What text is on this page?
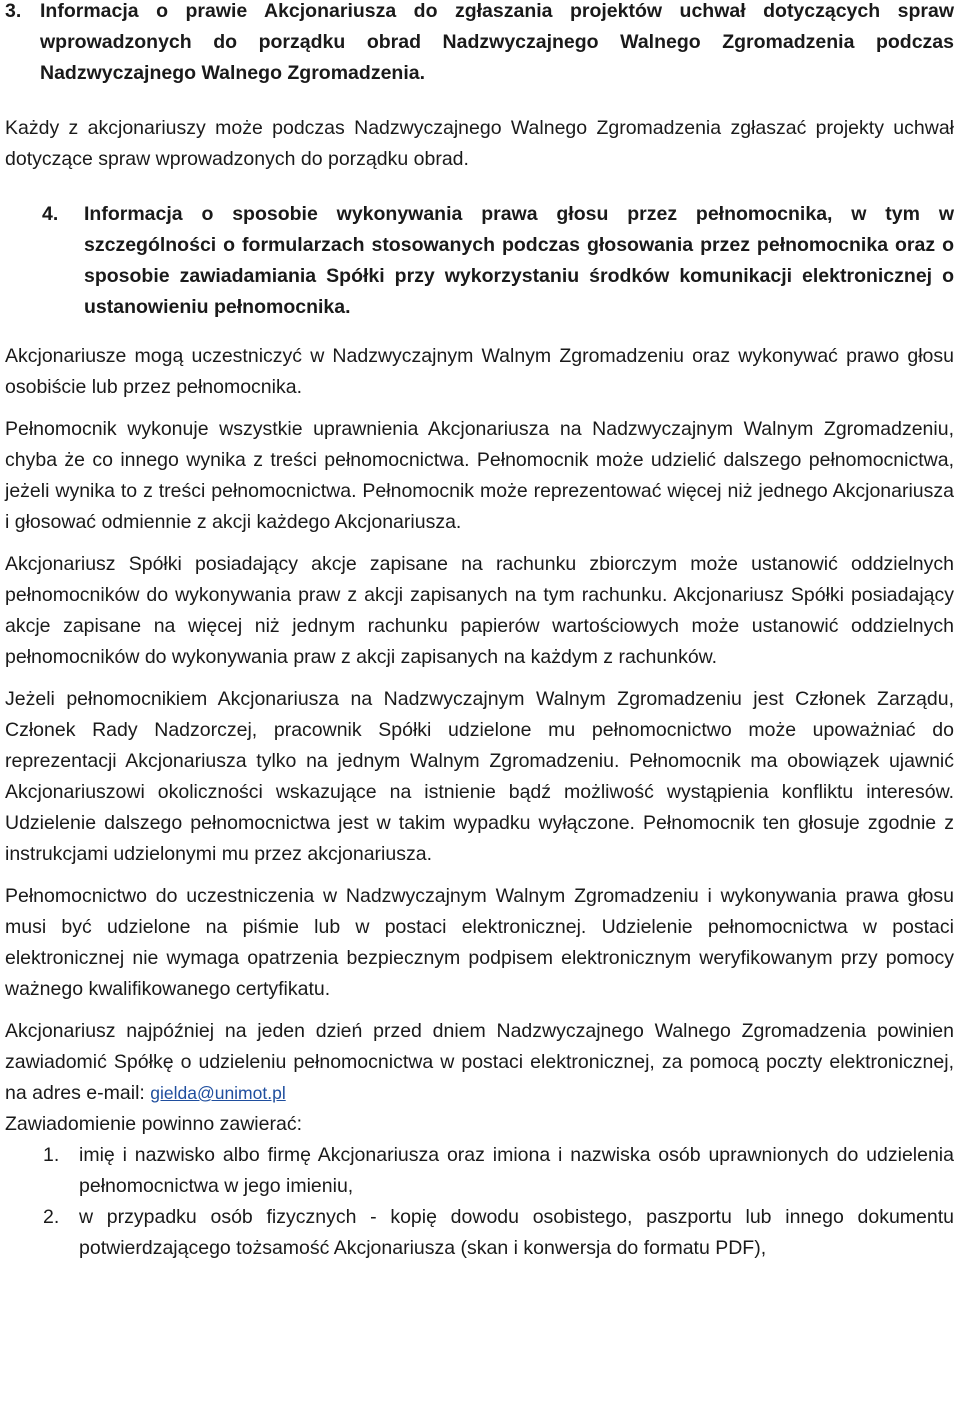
3. Informacja o prawie Akcjonariusza do zgłaszania projektów uchwał dotyczących spraw wprowadzonych do porządku obrad Nadzwyczajnego Walnego Zgromadzenia podczas Nadzwyczajnego Walnego Zgromadzenia.

Każdy z akcjonariuszy może podczas Nadzwyczajnego Walnego Zgromadzenia zgłaszać projekty uchwał dotyczące spraw wprowadzonych do porządku obrad.

4.	Informacja o sposobie wykonywania prawa głosu przez pełnomocnika, w tym w szczególności o formularzach stosowanych podczas głosowania przez pełnomocnika oraz o sposobie zawiadamiania Spółki przy wykorzystaniu środków komunikacji elektronicznej o ustanowieniu pełnomocnika.

Akcjonariusze mogą uczestniczyć w Nadzwyczajnym Walnym Zgromadzeniu oraz wykonywać prawo głosu osobiście lub przez pełnomocnika.

Pełnomocnik wykonuje wszystkie uprawnienia Akcjonariusza na Nadzwyczajnym Walnym Zgromadzeniu, chyba że co innego wynika z treści pełnomocnictwa. Pełnomocnik może udzielić dalszego pełnomocnictwa, jeżeli wynika to z treści pełnomocnictwa. Pełnomocnik może reprezentować więcej niż jednego Akcjonariusza i głosować odmiennie z akcji każdego Akcjonariusza.

Akcjonariusz Spółki posiadający akcje zapisane na rachunku zbiorczym może ustanowić oddzielnych pełnomocników do wykonywania praw z akcji zapisanych na tym rachunku. Akcjonariusz Spółki posiadający akcje zapisane na więcej niż jednym rachunku papierów wartościowych może ustanowić oddzielnych pełnomocników do wykonywania praw z akcji zapisanych na każdym z rachunków.

Jeżeli pełnomocnikiem Akcjonariusza na Nadzwyczajnym Walnym Zgromadzeniu jest Członek Zarządu, Członek Rady Nadzorczej, pracownik Spółki udzielone mu pełnomocnictwo może upoważniać do reprezentacji Akcjonariusza tylko na jednym Walnym Zgromadzeniu. Pełnomocnik ma obowiązek ujawnić Akcjonariuszowi okoliczności wskazujące na istnienie bądź możliwość wystąpienia konfliktu interesów. Udzielenie dalszego pełnomocnictwa jest w takim wypadku wyłączone. Pełnomocnik ten głosuje zgodnie z instrukcjami udzielonymi mu przez akcjonariusza.

Pełnomocnictwo do uczestniczenia w Nadzwyczajnym Walnym Zgromadzeniu i wykonywania prawa głosu musi być udzielone na piśmie lub w postaci elektronicznej. Udzielenie pełnomocnictwa w postaci elektronicznej nie wymaga opatrzenia bezpiecznym podpisem elektronicznym weryfikowanym przy pomocy ważnego kwalifikowanego certyfikatu.

Akcjonariusz najpóźniej na jeden dzień przed dniem Nadzwyczajnego Walnego Zgromadzenia powinien zawiadomić Spółkę o udzieleniu pełnomocnictwa w postaci elektronicznej, za pomocą poczty elektronicznej, na adres e-mail: gielda@unimot.pl

Zawiadomienie powinno zawierać:

1.	imię i nazwisko albo firmę Akcjonariusza oraz imiona i nazwiska osób uprawnionych do udzielenia pełnomocnictwa w jego imieniu,
2.	w przypadku osób fizycznych - kopię dowodu osobistego, paszportu lub innego dokumentu potwierdzającego tożsamość Akcjonariusza (skan i konwersja do formatu PDF),
